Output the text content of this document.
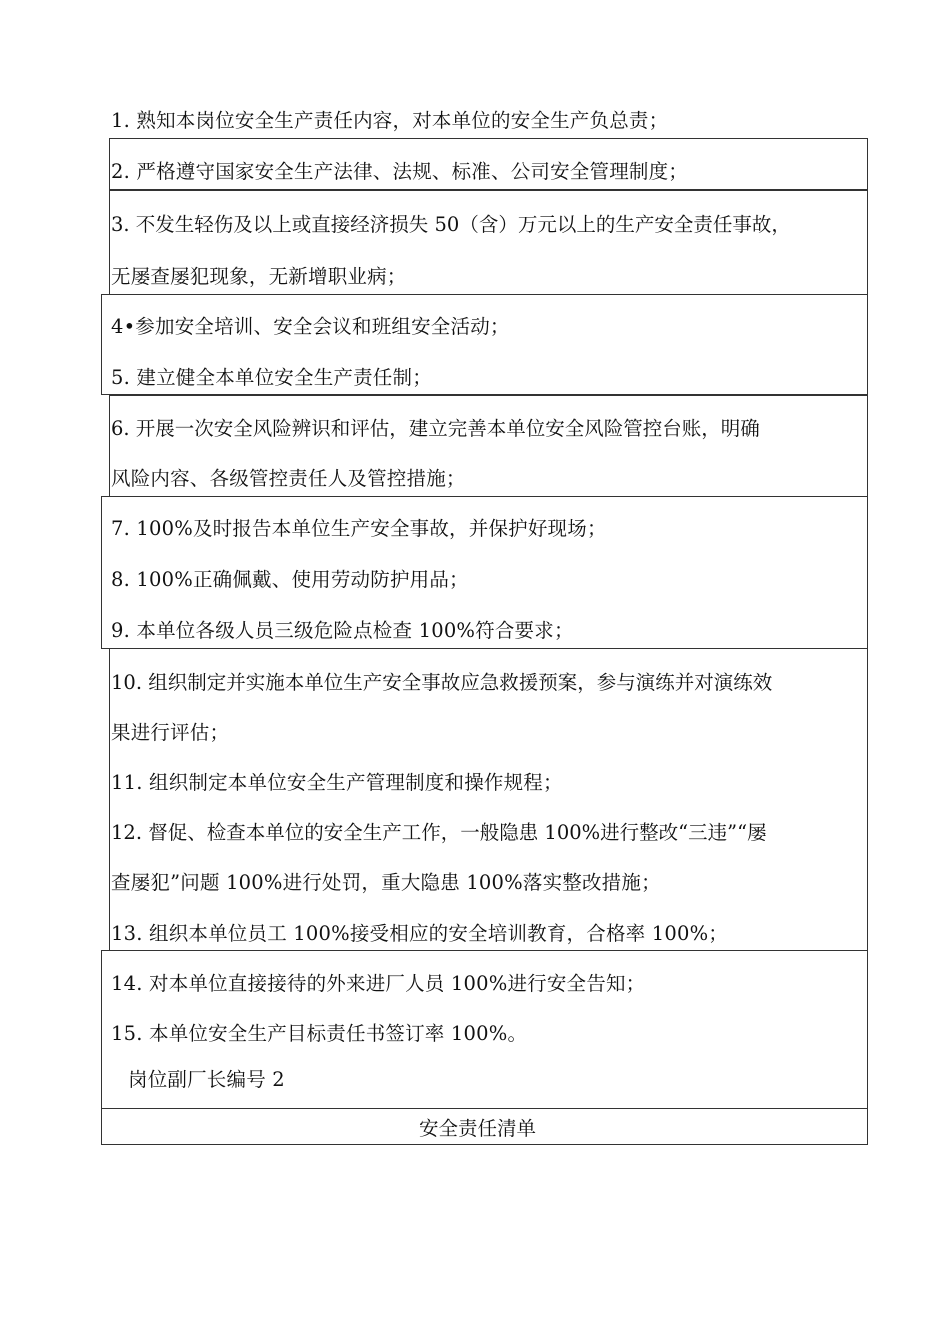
1. 熟知本岗位安全生产责任内容，对本单位的安全生产负总责；
2. 严格遵守国家安全生产法律、法规、标准、公司安全管理制度；
3. 不发生轻伤及以上或直接经济损失 50（含）万元以上的生产安全责任事故，
无屡查屡犯现象，无新增职业病；
4•参加安全培训、安全会议和班组安全活动；
5. 建立健全本单位安全生产责任制；
6. 开展一次安全风险辨识和评估，建立完善本单位安全风险管控台账，明确
风险内容、各级管控责任人及管控措施；
7. 100%及时报告本单位生产安全事故，并保护好现场；
8. 100%正确佩戴、使用劳动防护用品；
9. 本单位各级人员三级危险点检查 100%符合要求；
10. 组织制定并实施本单位生产安全事故应急救援预案，参与演练并对演练效
果进行评估；
11. 组织制定本单位安全生产管理制度和操作规程；
12. 督促、检查本单位的安全生产工作，一般隐患 100%进行整改“三违”“屡
查屡犯”问题 100%进行处罚，重大隐患 100%落实整改措施；
13. 组织本单位员工 100%接受相应的安全培训教育，合格率 100%；
14. 对本单位直接接待的外来进厂人员 100%进行安全告知；
15. 本单位安全生产目标责任书签订率 100%。
岗位副厂长编号 2
安全责任清单
